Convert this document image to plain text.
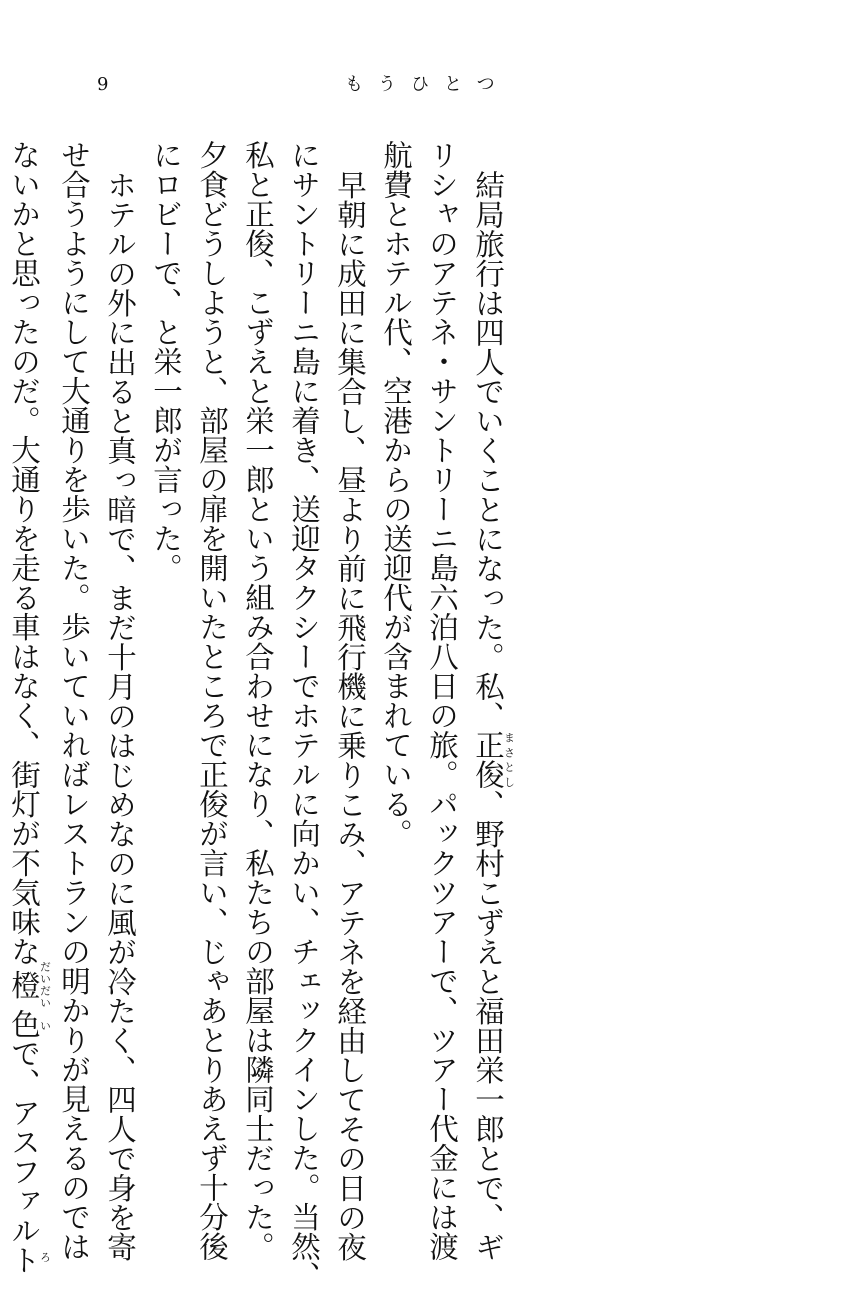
9	もうひとつ

結局旅行は四人でいくことになった。私、正俊まさとし、野村こずえと福田栄一郎とで、ギ

リシャのアテネ・サントリーニ島六泊八日の旅。パックツアーで、ツアー代金には渡

航費とホテル代、空港からの送迎代が含まれている。

早朝に成田に集合し、昼より前に飛行機に乗りこみ、アテネを経由してその日の夜

にサントリーニ島に着き、送迎タクシーでホテルに向かい、チェックインした。当然、

私と正俊、こずえと栄一郎という組み合わせになり、私たちの部屋は隣同士だった。

夕食どうしようと、部屋の扉を開いたところで正俊が言い、じゃあとりあえず十分後

にロビーで、と栄一郎が言った。

ホテルの外に出ると真っ暗で、まだ十月のはじめなのに風が冷たく、四人で身を寄

せ合うようにして大通りを歩いた。歩いていればレストランの明かりが見えるのでは

ないかと思ったのだ。大通りを走る車はなく、街灯が不気味な橙だいだい色で、アスファルトいろ
